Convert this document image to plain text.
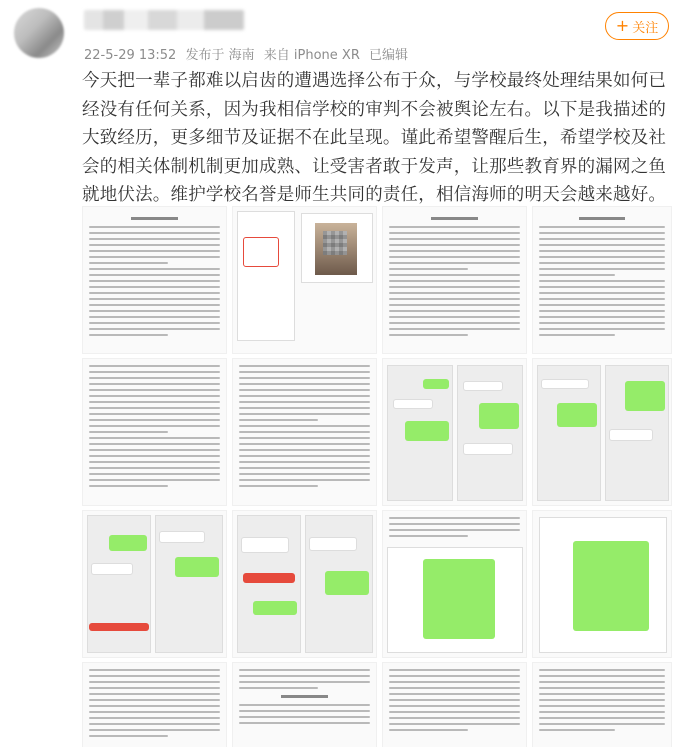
22-5-29 13:52 发布于 海南 来自 iPhone XR 已编辑
+ 关注
今天把一辈子都难以启齿的遭遇选择公布于众，与学校最终处理结果如何已经没有任何关系，因为我相信学校的审判不会被舆论左右。以下是我描述的大致经历，更多细节及证据不在此呈现。谨此希望警醒后生，希望学校及社会的相关体制机制更加成熟、让受害者敢于发声，让那些教育界的漏网之鱼就地伏法。维护学校名誉是师生共同的责任，相信海师的明天会越来越好。
